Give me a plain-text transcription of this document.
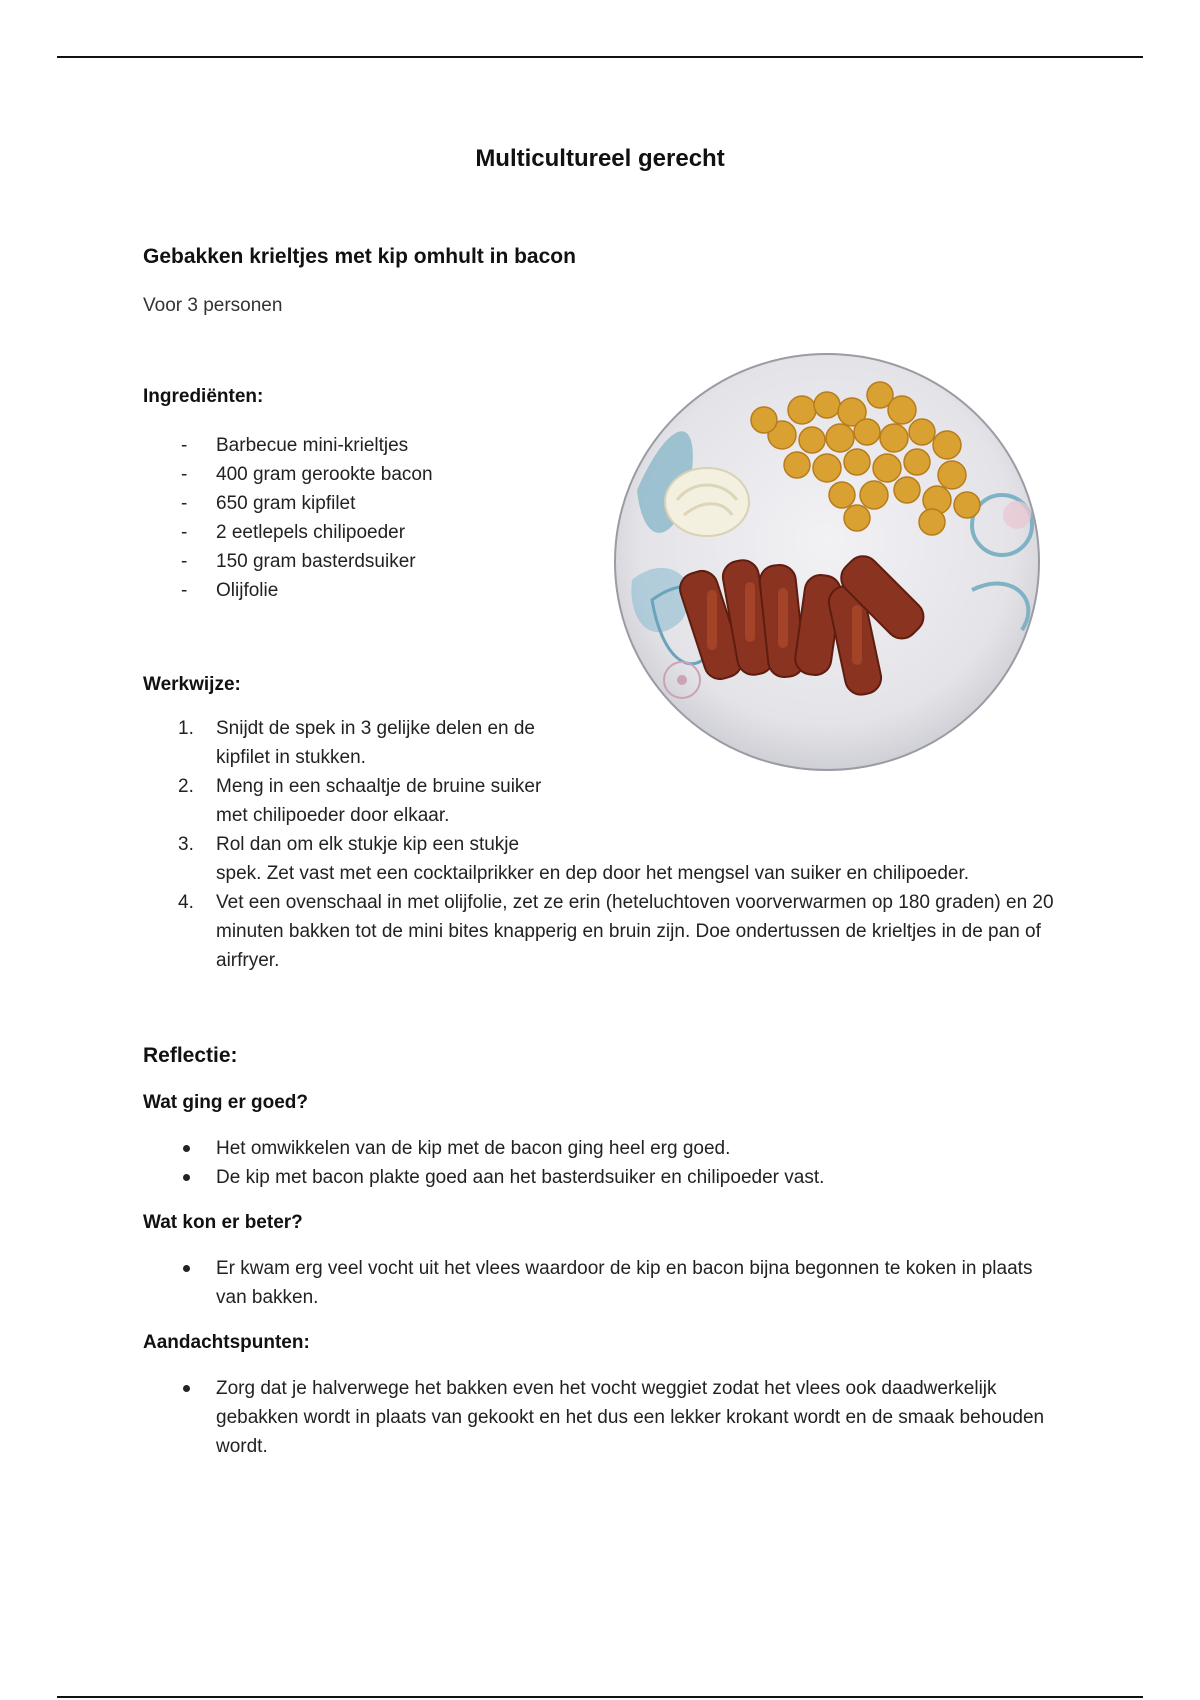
Multicultureel gerecht
Gebakken krieltjes met kip omhult in bacon
Voor 3 personen
Ingrediënten:
- Barbecue mini-krieltjes
- 400 gram gerookte bacon
- 650 gram kipfilet
- 2 eetlepels chilipoeder
- 150 gram basterdsuiker
- Olijfolie
Werkwijze:
1. Snijdt de spek in 3 gelijke delen en de
kipfilet in stukken.
2. Meng in een schaaltje de bruine suiker
met chilipoeder door elkaar.
3. Rol dan om elk stukje kip een stukje
spek. Zet vast met een cocktailprikker en dep door het mengsel van suiker en chilipoeder.
4. Vet een ovenschaal in met olijfolie, zet ze erin (heteluchtoven voorverwarmen op 180 graden) en 20 minuten bakken tot de mini bites knapperig en bruin zijn. Doe ondertussen de krieltjes in de pan of airfryer.
Reflectie:
Wat ging er goed?
Het omwikkelen van de kip met de bacon ging heel erg goed.
De kip met bacon plakte goed aan het basterdsuiker en chilipoeder vast.
Wat kon er beter?
Er kwam erg veel vocht uit het vlees waardoor de kip en bacon bijna begonnen te koken in plaats van bakken.
Aandachtspunten:
Zorg dat je halverwege het bakken even het vocht weggiet zodat het vlees ook daadwerkelijk gebakken wordt in plaats van gekookt en het dus een lekker krokant wordt en de smaak behouden wordt.
